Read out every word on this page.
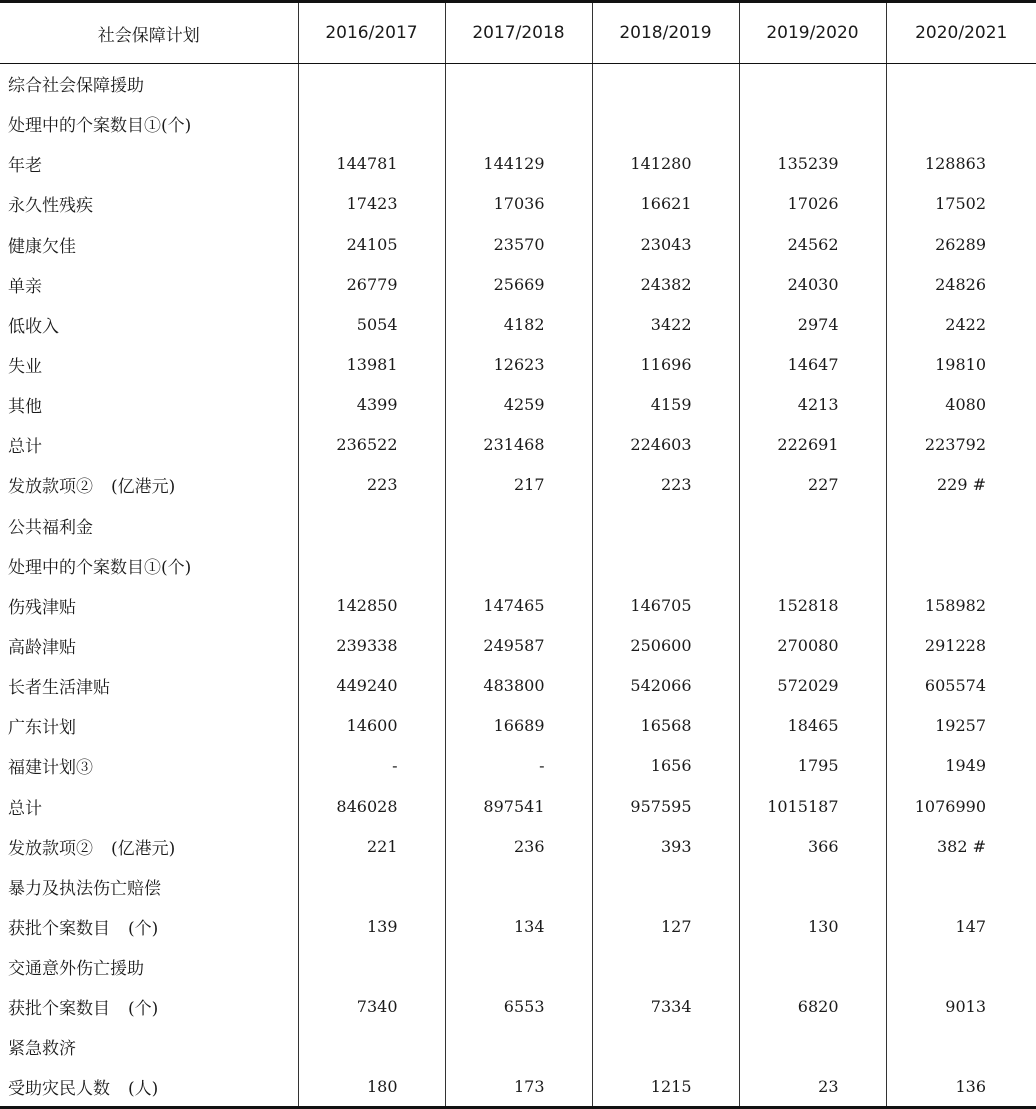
社会保障计划	2016/2017	2017/2018	2018/2019	2019/2020	2020/2021
综合社会保障援助					
处理中的个案数目①(个)					
年老	144781	144129	141280	135239	128863
永久性残疾	17423	17036	16621	17026	17502
健康欠佳	24105	23570	23043	24562	26289
单亲	26779	25669	24382	24030	24826
低收入	5054	4182	3422	2974	2422
失业	13981	12623	11696	14647	19810
其他	4399	4259	4159	4213	4080
总计	236522	231468	224603	222691	223792
发放款项② (亿港元)	223	217	223	227	229 #
公共福利金					
处理中的个案数目①(个)					
伤残津贴	142850	147465	146705	152818	158982
高龄津贴	239338	249587	250600	270080	291228
长者生活津贴	449240	483800	542066	572029	605574
广东计划	14600	16689	16568	18465	19257
福建计划③	-	-	1656	1795	1949
总计	846028	897541	957595	1015187	1076990
发放款项② (亿港元)	221	236	393	366	382 #
暴力及执法伤亡赔偿					
获批个案数目 (个)	139	134	127	130	147
交通意外伤亡援助					
获批个案数目 (个)	7340	6553	7334	6820	9013
紧急救济					
受助灾民人数 (人)	180	173	1215	23	136
